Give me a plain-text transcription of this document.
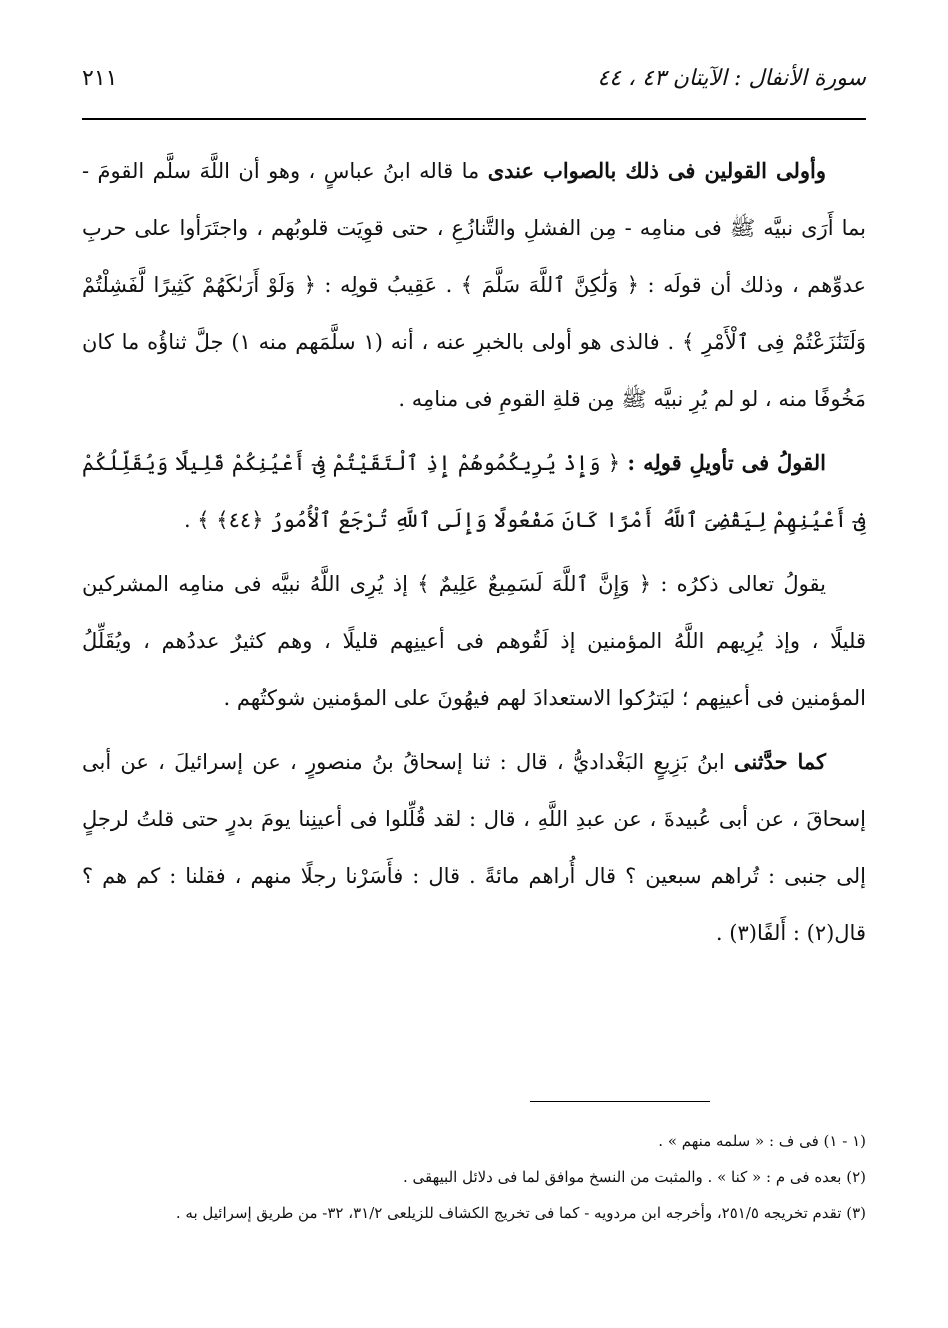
سورة الأنفال : الآيتان ٤٣ ، ٤٤
٢١١

وأولى القولين فى ذلك بالصواب عندى ما قاله ابنُ عباسٍ ، وهو أن اللَّهَ سلَّم القومَ - بما أَرَى نبيَّه ﷺ فى منامِه - مِن الفشلِ والتَّنازُعِ ، حتى قوِيَت قلوبُهم ، واجتَرَأوا على حربِ عدوِّهم ، وذلك أن قولَه : ﴿ وَلَٰكِنَّ ٱللَّهَ سَلَّمَ ﴾ . عَقِيبُ قولِه : ﴿ وَلَوْ أَرَىٰكَهُمْ كَثِيرًا لَّفَشِلْتُمْ وَلَتَنَٰزَعْتُمْ فِى ٱلْأَمْرِ ﴾ . فالذى هو أولى بالخبرِ عنه ، أنه (١ سلَّمَهم منه ١) جلَّ ثناؤُه ما كان مَخُوفًا منه ، لو لم يُرِ نبيَّه ﷺ مِن قلةِ القومِ فى منامِه .

القولُ فى تأويلِ قولِه : ﴿ وَإِذْ يُرِيكُمُوهُمْ إِذِ ٱلْتَقَيْتُمْ فِىٓ أَعْيُنِكُمْ قَلِيلًا وَيُقَلِّلُكُمْ فِىٓ أَعْيُنِهِمْ لِيَقْضِىَ ٱللَّهُ أَمْرًا كَانَ مَفْعُولًا وَإِلَى ٱللَّهِ تُرْجَعُ ٱلْأُمُورُ ﴿٤٤﴾ ﴾ .

يقولُ تعالى ذكرُه : ﴿ وَإِنَّ ٱللَّهَ لَسَمِيعٌ عَلِيمٌ ﴾ إذ يُرِى اللَّهُ نبيَّه فى منامِه المشركين قليلًا ، وإذ يُرِيهم اللَّهُ المؤمنين إذ لَقُوهم فى أعينِهم قليلًا ، وهم كثيرٌ عددُهم ، ويُقَلِّلُ المؤمنين فى أعينِهم ؛ ليَترُكوا الاستعدادَ لهم فيهُونَ على المؤمنين شوكتُهم .

كما حدَّثنى ابنُ بَزِيعٍ البَغْداديُّ ، قال : ثنا إسحاقُ بنُ منصورٍ ، عن إسرائيلَ ، عن أبى إسحاقَ ، عن أبى عُبيدةَ ، عن عبدِ اللَّهِ ، قال : لقد قُلِّلوا فى أعينِنا يومَ بدرٍ حتى قلتُ لرجلٍ إلى جنبى : تُراهم سبعين ؟ قال أُراهم مائةً . قال : فأَسَرْنا رجلًا منهم ، فقلنا : كم هم ؟ قال(٢) : أَلفًا(٣) .

(١ - ١) فى ف : « سلمه منهم » .

(٢) بعده فى م : « كنا » . والمثبت من النسخ موافق لما فى دلائل البيهقى .

(٣) تقدم تخريجه ٢٥١/٥، وأخرجه ابن مردويه - كما فى تخريج الكشاف للزيلعى ٣١/٢، ٣٢- من طريق إسرائيل به .
